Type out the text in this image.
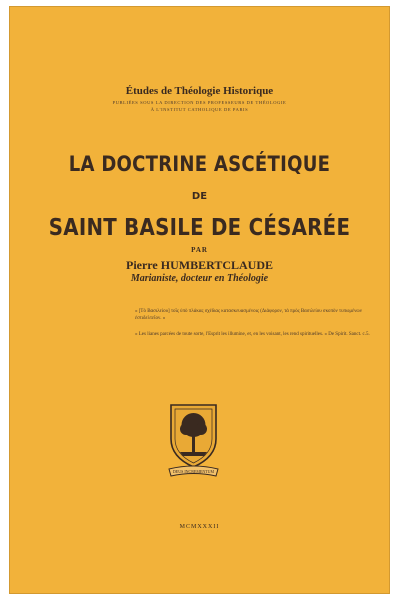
Études de Théologie Historique
PUBLIÉES SOUS LA DIRECTION DES PROFESSEURS DE THÉOLOGIE
À L'INSTITUT CATHOLIQUE DE PARIS
LA DOCTRINE ASCÉTIQUE
DE
SAINT BASILE DE CÉSARÉE
PAR
Pierre HUMBERTCLAUDE
Marianiste, docteur en Théologie
« [Τὸ Βασιλείου] τοῖς ὑπὸ πλάκας σχέδιας κατασκευασμένοις (Διάφορον, τὰ πρὸς Βασιλείου σκοπὸν τυπωμένων ἐστιδελτεῖον. »
« Les lianes parcées de toute sorte, l'Esprit les illumine, et, en les voisant, les rend spirituelles. » De Spirit. Sanct. c.5.
DEUS INCREMENTUM
MCMXXXII
